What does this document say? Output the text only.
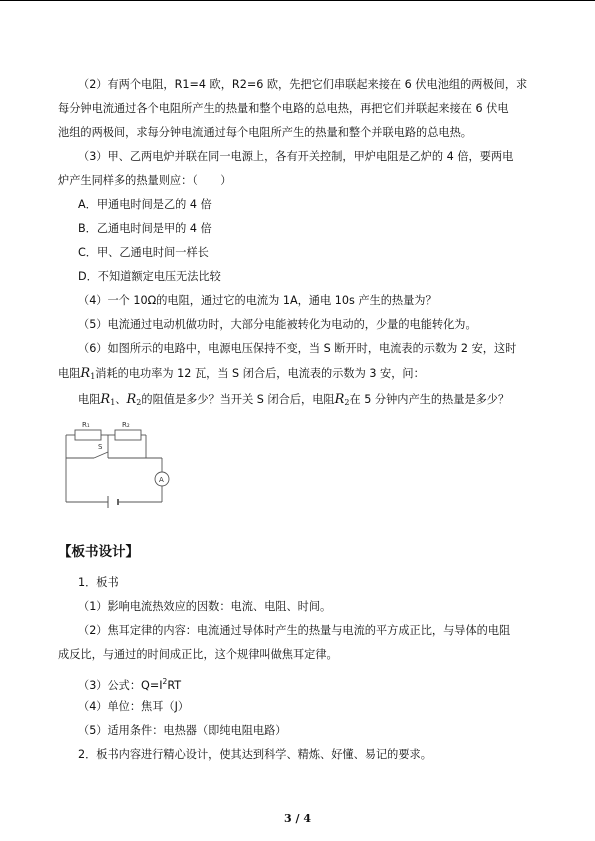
（2）有两个电阻，R1=4 欧，R2=6 欧，先把它们串联起来接在 6 伏电池组的两极间，求
每分钟电流通过各个电阻所产生的热量和整个电路的总电热，再把它们并联起来接在 6 伏电
池组的两极间，求每分钟电流通过每个电阻所产生的热量和整个并联电路的总电热。
（3）甲、乙两电炉并联在同一电源上，各有开关控制，甲炉电阻是乙炉的 4 倍，要两电
炉产生同样多的热量则应：（　　）
A．甲通电时间是乙的 4 倍
B．乙通电时间是甲的 4 倍
C．甲、乙通电时间一样长
D．不知道额定电压无法比较
（4）一个 10Ω的电阻，通过它的电流为 1A，通电 10s 产生的热量为？
（5）电流通过电动机做功时，大部分电能被转化为电动的，少量的电能转化为。
（6）如图所示的电路中，电源电压保持不变，当 S 断开时，电流表的示数为 2 安，这时
电阻$R_1$消耗的电功率为 12 瓦，当 S 闭合后，电流表的示数为 3 安，问：
电阻$R_1$、$R_2$的阻值是多少？当开关 S 闭合后，电阻$R_2$在 5 分钟内产生的热量是多少？
R₁	R₂
S
A
【板书设计】
1．板书
（1）影响电流热效应的因数：电流、电阻、时间。
（2）焦耳定律的内容：电流通过导体时产生的热量与电流的平方成正比，与导体的电阻
成反比，与通过的时间成正比，这个规律叫做焦耳定律。
（3）公式：$Q=I^2RT$
（4）单位：焦耳（J）
（5）适用条件：电热器（即纯电阻电路）
2．板书内容进行精心设计，使其达到科学、精炼、好懂、易记的要求。
3 / 4
